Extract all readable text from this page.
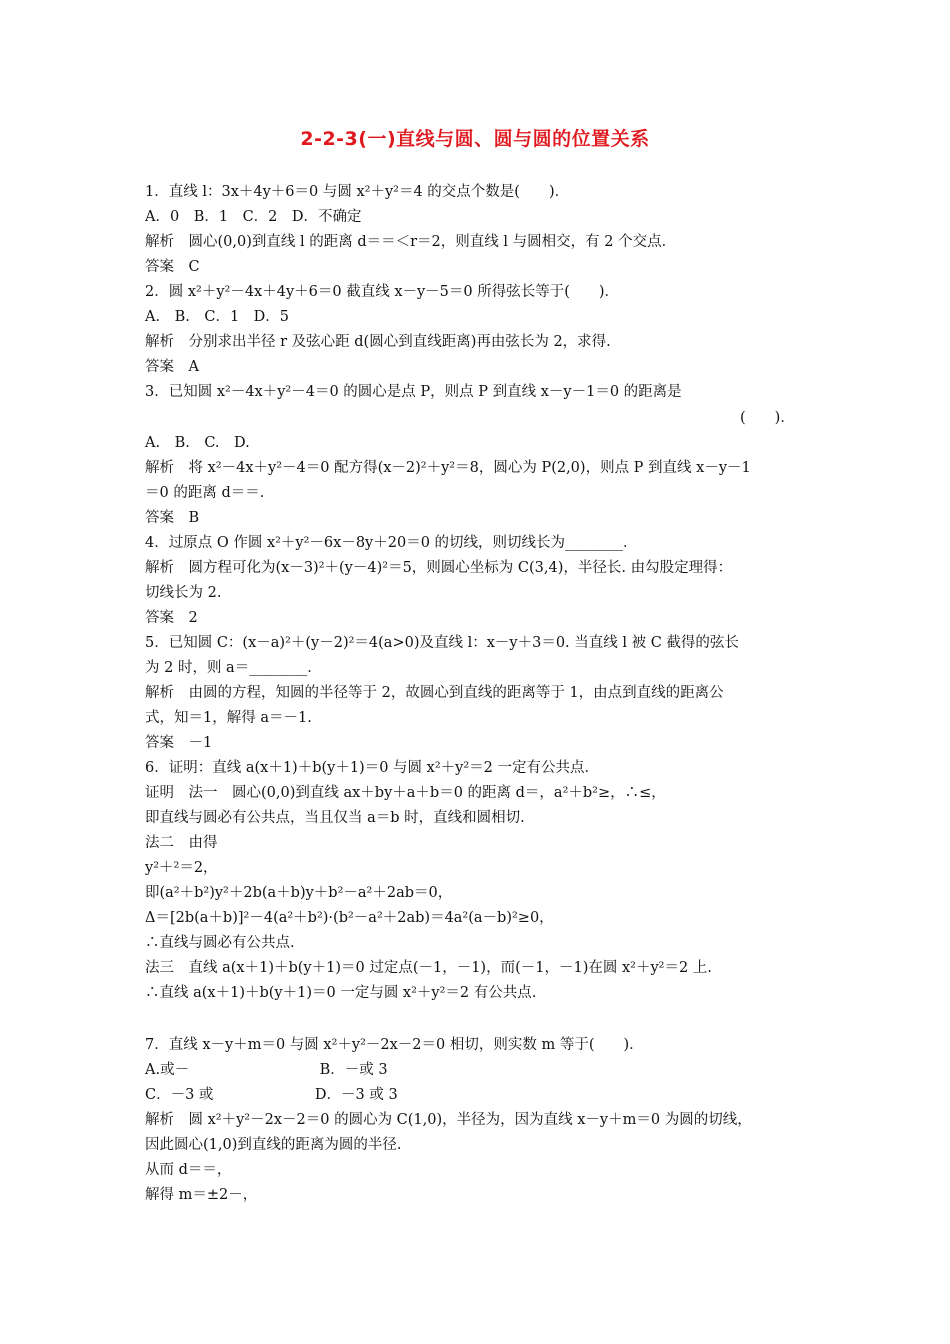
2-2-3(一)直线与圆、圆与圆的位置关系
1．直线 l：3x＋4y＋6＝0 与圆 x²＋y²＝4 的交点个数是(　　)．
A．0　B．1　C．2　D．不确定
解析　圆心(0,0)到直线 l 的距离 d＝＝＜r＝2，则直线 l 与圆相交，有 2 个交点．
答案　C
2．圆 x²＋y²－4x＋4y＋6＝0 截直线 x－y－5＝0 所得弦长等于(　　)．
A.　B.　C．1　D．5
解析　分别求出半径 r 及弦心距 d(圆心到直线距离)再由弦长为 2，求得.
答案　A
3．已知圆 x²－4x＋y²－4＝0 的圆心是点 P，则点 P 到直线 x－y－1＝0 的距离是
(　　)．
A.　B.　C.　D.
解析　将 x²－4x＋y²－4＝0 配方得(x－2)²＋y²＝8，圆心为 P(2,0)，则点 P 到直线 x－y－1
＝0 的距离 d＝＝.
答案　B
4．过原点 O 作圆 x²＋y²－6x－8y＋20＝0 的切线，则切线长为________．
解析　圆方程可化为(x－3)²＋(y－4)²＝5，则圆心坐标为 C(3,4)，半径长. 由勾股定理得：
切线长为 2.
答案　2
5．已知圆 C：(x－a)²＋(y－2)²＝4(a>0)及直线 l：x－y＋3＝0. 当直线 l 被 C 截得的弦长
为 2 时，则 a＝________．
解析　由圆的方程，知圆的半径等于 2，故圆心到直线的距离等于 1，由点到直线的距离公
式，知＝1，解得 a＝－1.
答案　－1
6．证明：直线 a(x＋1)＋b(y＋1)＝0 与圆 x²＋y²＝2 一定有公共点．
证明　法一　圆心(0,0)到直线 ax＋by＋a＋b＝0 的距离 d＝，a²＋b²≥，∴≤，
即直线与圆必有公共点，当且仅当 a＝b 时，直线和圆相切.
法二　由得
y²＋²＝2，
即(a²＋b²)y²＋2b(a＋b)y＋b²－a²＋2ab＝0，
Δ＝[2b(a＋b)]²－4(a²＋b²)·(b²－a²＋2ab)＝4a²(a－b)²≥0，
∴直线与圆必有公共点.
法三　直线 a(x＋1)＋b(y＋1)＝0 过定点(－1，－1)，而(－1，－1)在圆 x²＋y²＝2 上.
∴直线 a(x＋1)＋b(y＋1)＝0 一定与圆 x²＋y²＝2 有公共点.
7．直线 x－y＋m＝0 与圆 x²＋y²－2x－2＝0 相切，则实数 m 等于(　　)．
A.或－　　　　　　　　　B．－或 3
C．－3 或　　　　　　　D．－3 或 3
解析　圆 x²＋y²－2x－2＝0 的圆心为 C(1,0)，半径为，因为直线 x－y＋m＝0 为圆的切线，
因此圆心(1,0)到直线的距离为圆的半径.
从而 d＝＝，
解得 m＝±2－，
